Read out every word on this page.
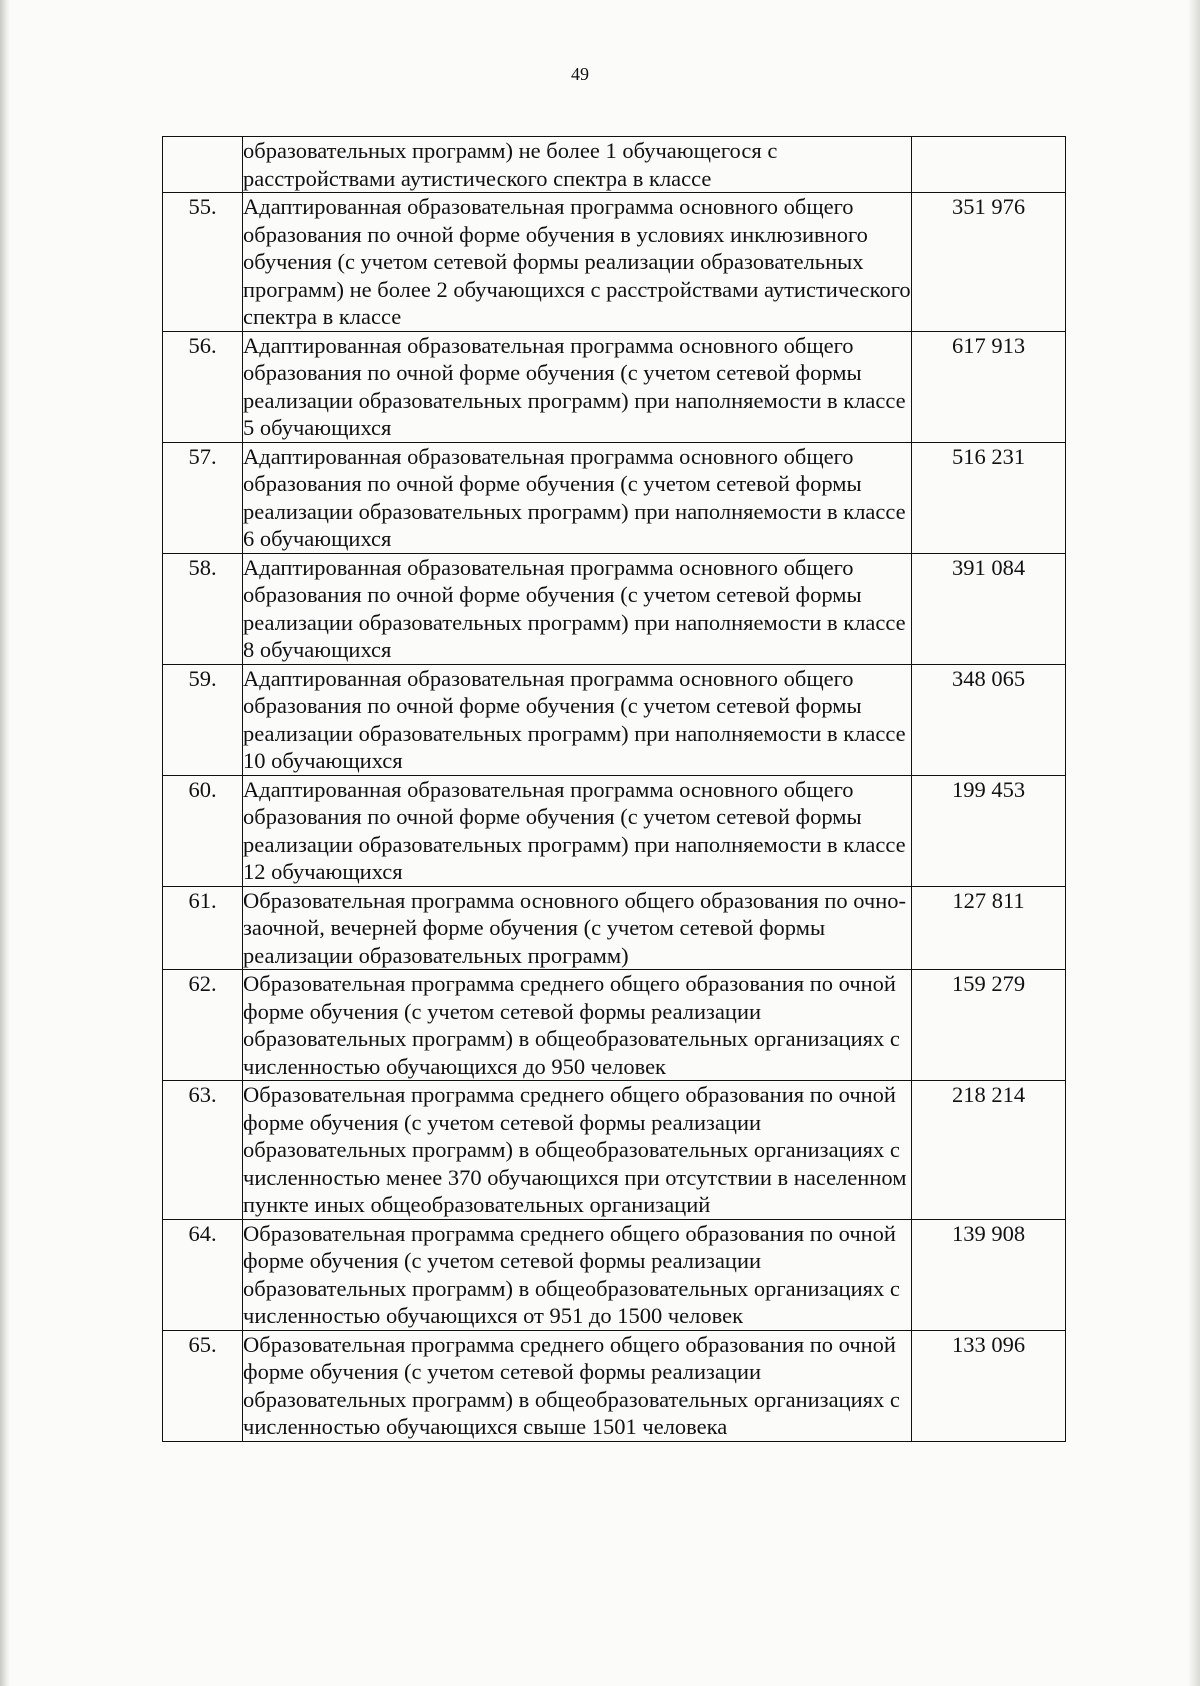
49
	образовательных программ) не более 1 обучающегося с расстройствами аутистического спектра в классе	
55.	Адаптированная образовательная программа основного общего образования по очной форме обучения в условиях инклюзивного обучения (с учетом сетевой формы реализации образовательных программ) не более 2 обучающихся с расстройствами аутистического спектра в классе	351 976
56.	Адаптированная образовательная программа основного общего образования по очной форме обучения (с учетом сетевой формы реализации образовательных программ) при наполняемости в классе 5 обучающихся	617 913
57.	Адаптированная образовательная программа основного общего образования по очной форме обучения (с учетом сетевой формы реализации образовательных программ) при наполняемости в классе 6 обучающихся	516 231
58.	Адаптированная образовательная программа основного общего образования по очной форме обучения (с учетом сетевой формы реализации образовательных программ) при наполняемости в классе 8 обучающихся	391 084
59.	Адаптированная образовательная программа основного общего образования по очной форме обучения (с учетом сетевой формы реализации образовательных программ) при наполняемости в классе 10 обучающихся	348 065
60.	Адаптированная образовательная программа основного общего образования по очной форме обучения (с учетом сетевой формы реализации образовательных программ) при наполняемости в классе 12 обучающихся	199 453
61.	Образовательная программа основного общего образования по очно-заочной, вечерней форме обучения (с учетом сетевой формы реализации образовательных программ)	127 811
62.	Образовательная программа среднего общего образования по очной форме обучения (с учетом сетевой формы реализации образовательных программ) в общеобразовательных организациях с численностью обучающихся до 950 человек	159 279
63.	Образовательная программа среднего общего образования по очной форме обучения (с учетом сетевой формы реализации образовательных программ) в общеобразовательных организациях с численностью менее 370 обучающихся при отсутствии в населенном пункте иных общеобразовательных организаций	218 214
64.	Образовательная программа среднего общего образования по очной форме обучения (с учетом сетевой формы реализации образовательных программ) в общеобразовательных организациях с численностью обучающихся от 951 до 1500 человек	139 908
65.	Образовательная программа среднего общего образования по очной форме обучения (с учетом сетевой формы реализации образовательных программ) в общеобразовательных организациях с численностью обучающихся свыше 1501 человека	133 096
